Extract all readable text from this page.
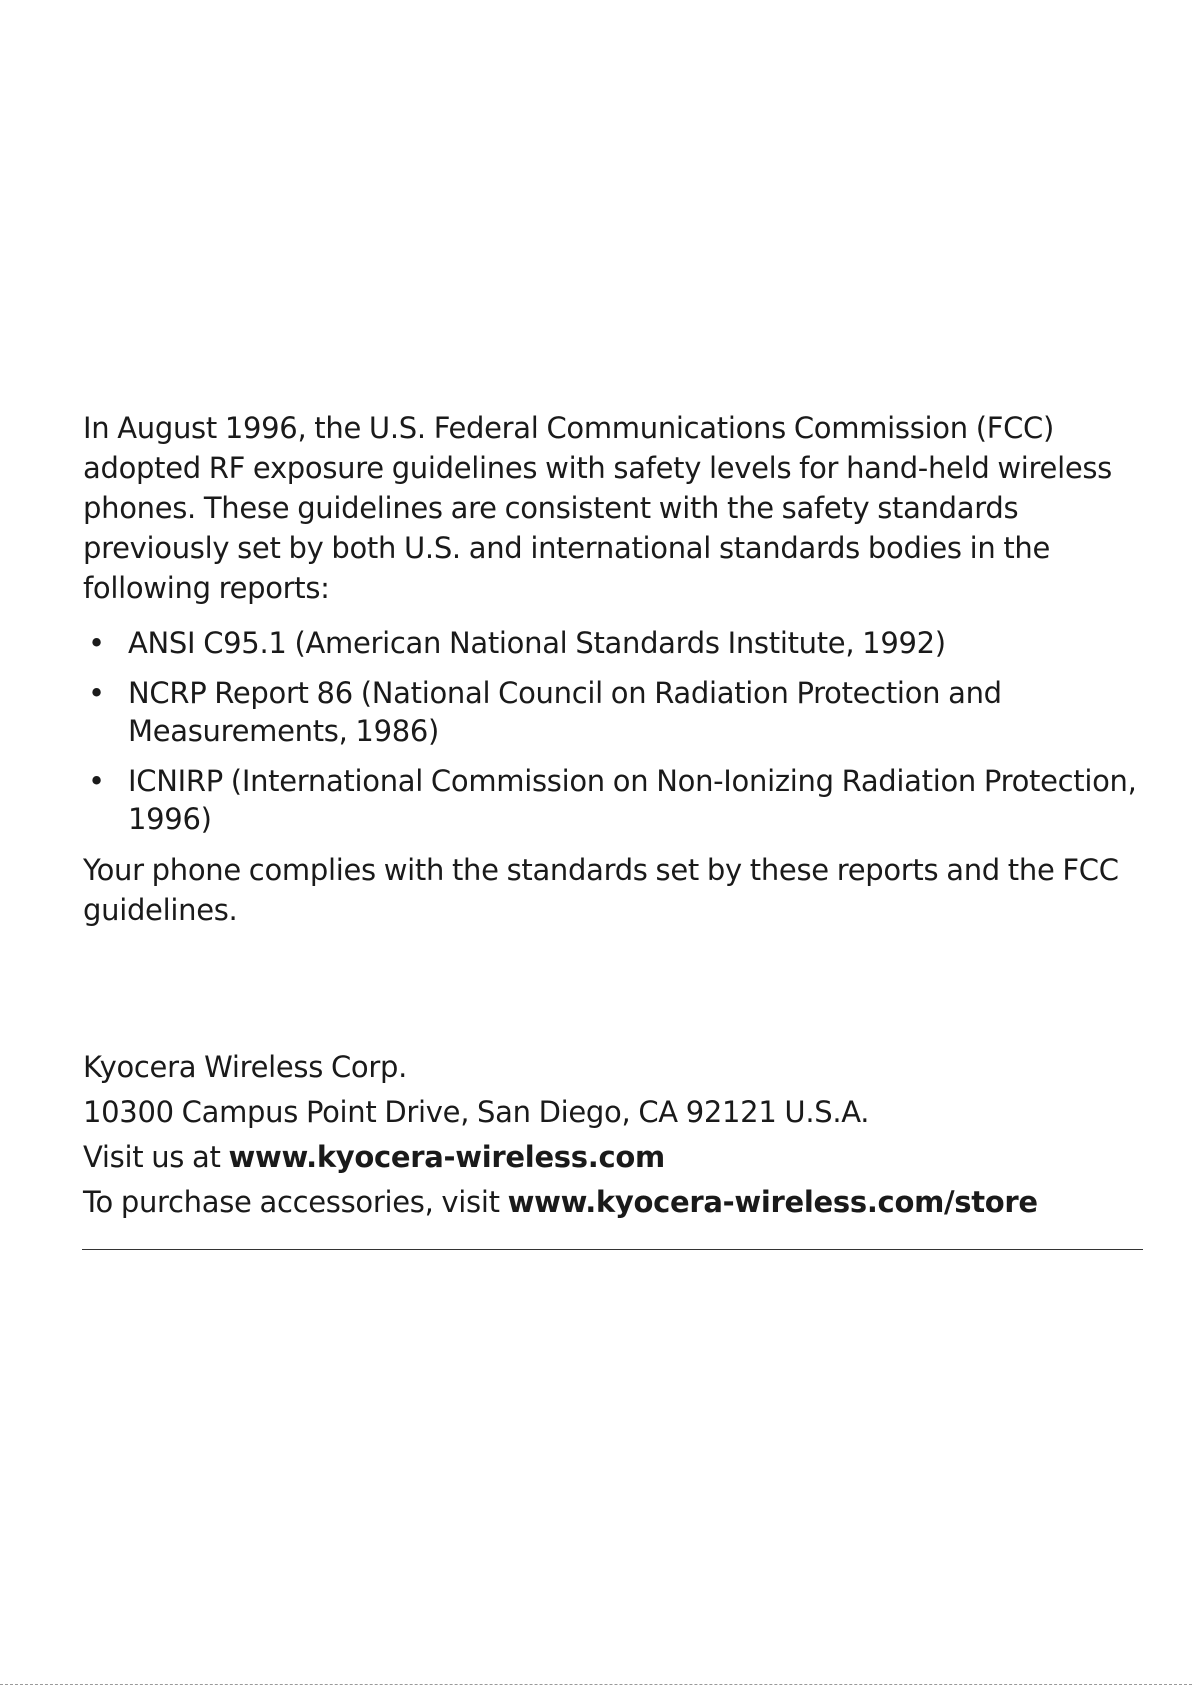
In August 1996, the U.S. Federal Communications Commission (FCC) adopted RF exposure guidelines with safety levels for hand-held wireless phones. These guidelines are consistent with the safety standards previously set by both U.S. and international standards bodies in the following reports:

• ANSI C95.1 (American National Standards Institute, 1992)
• NCRP Report 86 (National Council on Radiation Protection and Measurements, 1986)
• ICNIRP (International Commission on Non-Ionizing Radiation Protection, 1996)

Your phone complies with the standards set by these reports and the FCC guidelines.

Kyocera Wireless Corp.

10300 Campus Point Drive, San Diego, CA 92121 U.S.A.

Visit us at www.kyocera-wireless.com

To purchase accessories, visit www.kyocera-wireless.com/store
